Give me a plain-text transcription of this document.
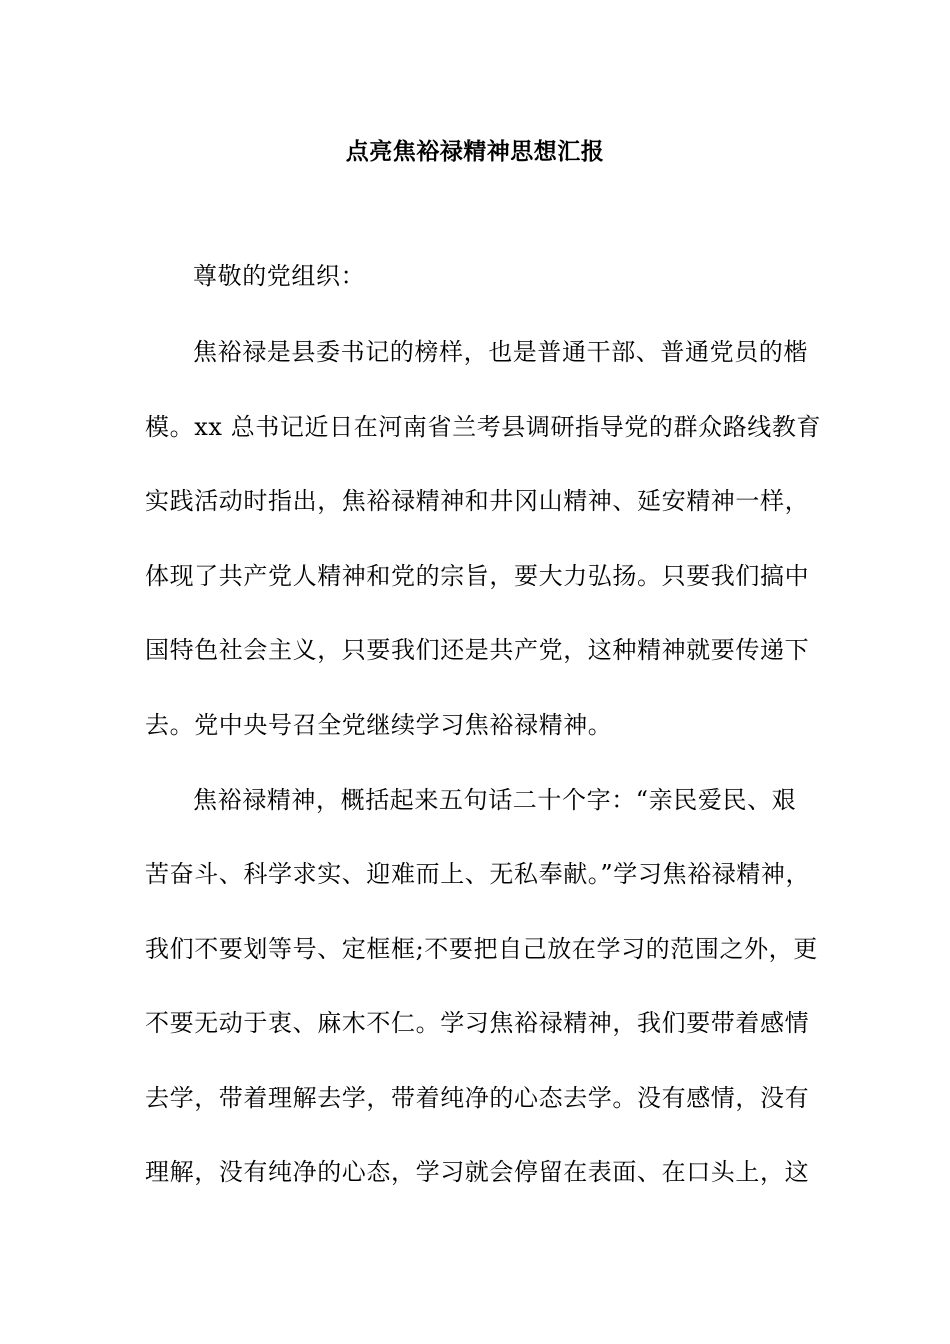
点亮焦裕禄精神思想汇报
尊敬的党组织：
焦裕禄是县委书记的榜样，也是普通干部、普通党员的楷
模。xx 总书记近日在河南省兰考县调研指导党的群众路线教育
实践活动时指出，焦裕禄精神和井冈山精神、延安精神一样，
体现了共产党人精神和党的宗旨，要大力弘扬。只要我们搞中
国特色社会主义，只要我们还是共产党，这种精神就要传递下
去。党中央号召全党继续学习焦裕禄精神。
焦裕禄精神，概括起来五句话二十个字：“亲民爱民、艰
苦奋斗、科学求实、迎难而上、无私奉献。”学习焦裕禄精神，
我们不要划等号、定框框;不要把自己放在学习的范围之外，更
不要无动于衷、麻木不仁。学习焦裕禄精神，我们要带着感情
去学，带着理解去学，带着纯净的心态去学。没有感情，没有
理解，没有纯净的心态，学习就会停留在表面、在口头上，这
